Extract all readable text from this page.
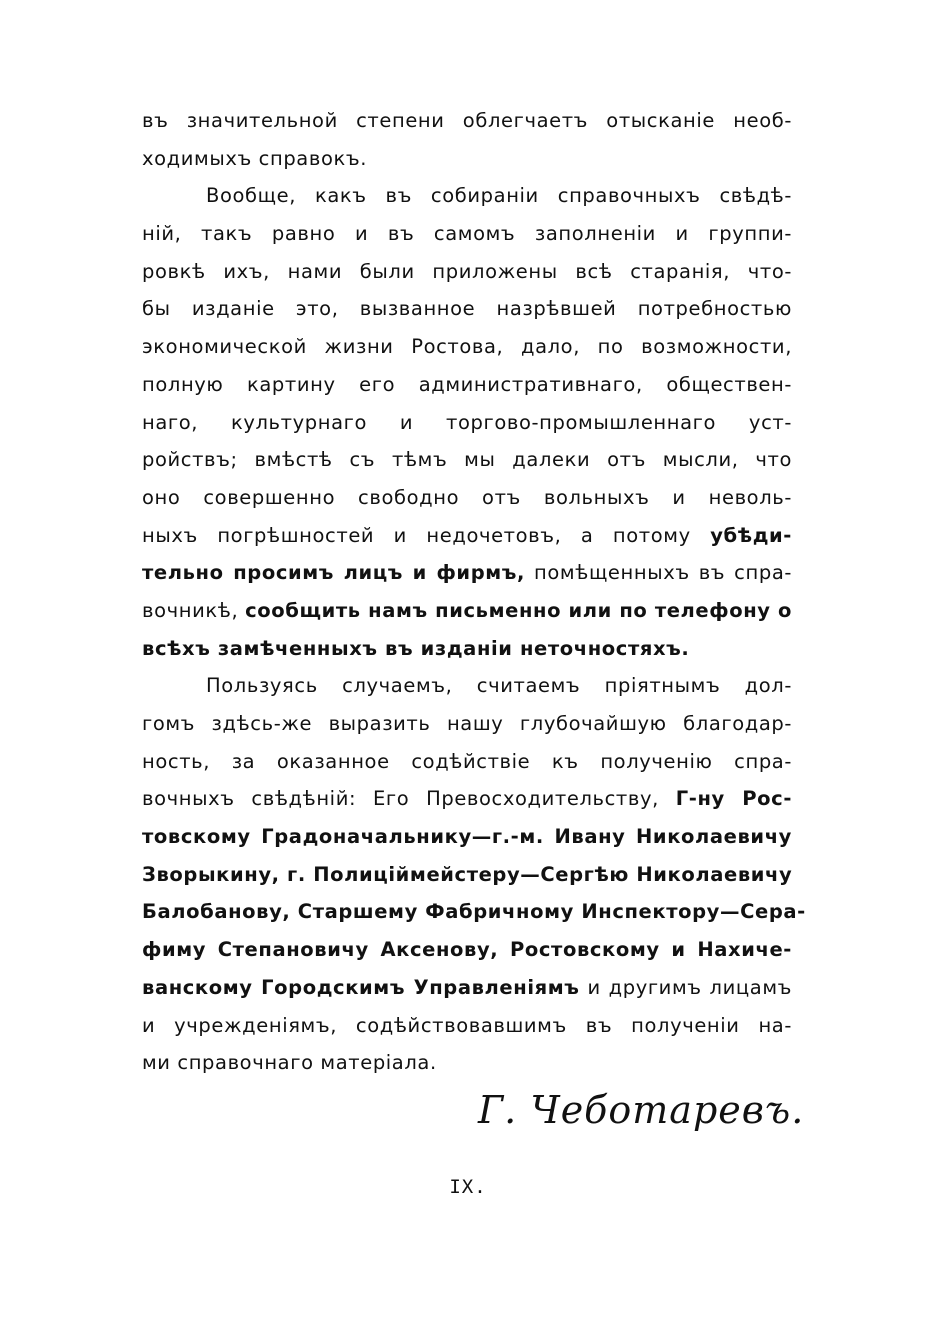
въ значительной степени облегчаетъ отысканіе необ-
ходимыхъ справокъ.
Вообще, какъ въ собираніи справочныхъ свѣдѣ-
ній, такъ равно и въ самомъ заполненіи и группи-
ровкѣ ихъ, нами были приложены всѣ старанія, что-
бы изданіе это, вызванное назрѣвшей потребностью
экономической жизни Ростова, дало, по возможности,
полную картину его административнаго, обществен-
наго, культурнаго и торгово-промышленнаго уст-
ройствъ; вмѣстѣ съ тѣмъ мы далеки отъ мысли, что
оно совершенно свободно отъ вольныхъ и неволь-
ныхъ погрѣшностей и недочетовъ, а потому убѣди-
тельно просимъ лицъ и фирмъ, помѣщенныхъ въ спра-
вочникѣ, сообщить намъ письменно или по телефону о
всѣхъ замѣченныхъ въ изданіи неточностяхъ.
Пользуясь случаемъ, считаемъ пріятнымъ дол-
гомъ здѣсь-же выразить нашу глубочайшую благодар-
ность, за оказанное содѣйствіе къ полученію спра-
вочныхъ свѣдѣній: Его Превосходительству, Г-ну Рос-
товскому Градоначальнику—г.-м. Ивану Николаевичу
Зворыкину, г. Полиціймейстеру—Сергѣю Николаевичу
Балобанову, Старшему Фабричному Инспектору—Сера-
фиму Степановичу Аксенову, Ростовскому и Нахиче-
ванскому Городскимъ Управленіямъ и другимъ лицамъ
и учрежденіямъ, содѣйствовавшимъ въ полученіи на-
ми справочнаго матеріала.
Г. Чеботаревъ.
IX.
